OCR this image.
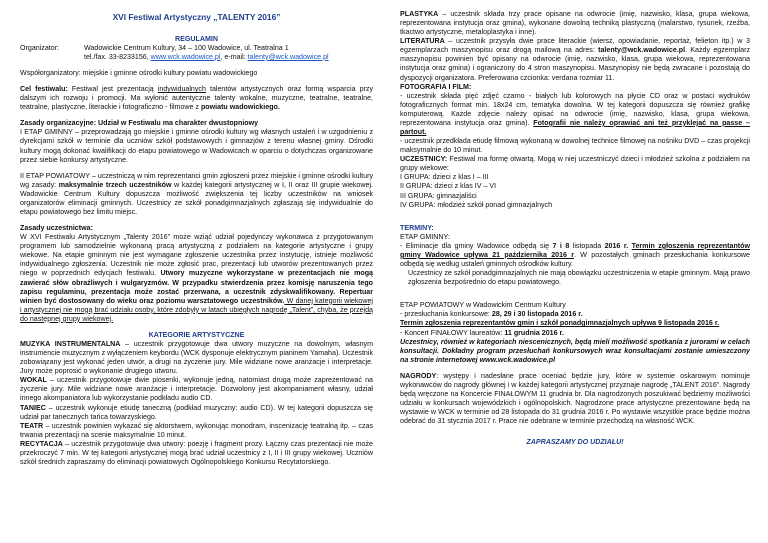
XVI Festiwal Artystyczny „TALENTY 2016”
REGULAMIN
Organizator:	Wadowickie Centrum Kultury, 34 – 100 Wadowice, ul. Teatralna 1
tel./fax. 33-8233156, www.wck.wadowice.pl, e-mail: talenty@wck.wadowice.pl

Współorganizatory: miejskie i gminne ośrodki kultury powiatu wadowickiego

Cel festiwalu: Festiwal jest prezentacją indywidualnych talentów artystycznych oraz formą wsparcia przy dalszym ich rozwoju i promocji. Ma wyłonić autentyczne talenty wokalne, muzyczne, teatralne, teatralne, teatralne, plastyczne, literackie i fotograficzno - filmowe z powiatu wadowickiego.

Zasady organizacyjne: Udział w Festiwalu ma charakter dwustopniowy

I ETAP GMINNY – przeprowadzają go miejskie i gminne ośrodki kultury wg własnych ustaleń i w uzgodnieniu z dyrekcjami szkół w terminie dla uczniów szkół podstawowych i gimnazjów z terenu własnej gminy. Ośrodki kultury mogą dokonać kwalifikacji do etapu powiatowego w Wadowicach w oparciu o dotychczas organizowane przez siebie konkursy artystyczne.

II ETAP POWIATOWY – uczestniczą w nim reprezentanci gmin zgłoszeni przez miejskie i gminne ośrodki kultury wg zasady: maksymalnie trzech uczestników w każdej kategorii artystycznej w I, II oraz III grupie wiekowej. Wadowickie Centrum Kultury dopuszcza możliwość zwiększenia tej liczby uczestników na wniosek organizatorów eliminacji gminnych. Uczestnicy ze szkół ponadgimnazjalnych zgłaszają się indywidualnie do etapu powiatowego bez limitu miejsc.

Zasady uczestnictwa:

W XVI Festiwalu Artystycznym „Talenty 2016” może wziąć udział pojedynczy wykonawca z przygotowanym programem lub samodzielnie wykonaną pracą artystyczną z podziałem na kategorie artystyczne i grupy wiekowe. Na etapie gminnym nie jest wymagane zgłoszenie uczestnika przez instytucję, istnieje możliwość indywidualnego zgłoszenia. Uczestnik nie może zgłosić prac, prezentacji lub utworów prezentowanych przez niego w poprzednich edycjach festiwalu. Utwory muzyczne wykorzystane w prezentacjach nie mogą zawierać słów obraźliwych i wulgaryzmów. W przypadku stwierdzenia przez komisję naruszenia tego zapisu regulaminu, prezentacja może zostać przerwana, a uczestnik zdyskwalifikowany. Repertuar winien być dostosowany do wieku oraz poziomu warsztatowego uczestników. W danej kategorii wiekowej i artystycznej nie mogą brać udziału osoby, które zdobyły w latach ubiegłych nagrodę „Talent”, chyba, że przejdą do następnej grupy wiekowej.

KATEGORIE ARTYSTYCZNE

MUZYKA INSTRUMENTALNA – uczestnik przygotowuje dwa utwory muzyczne na dowolnym, własnym instrumencie muzycznym z wyłączeniem keybordu (WCK dysponuje elektrycznym pianinem Yamaha). Uczestnik zobowiązany jest wykonać jeden utwór, a drugi na życzenie jury. Mile widziane nowe aranżacje i interpretacje. Jury może poprosić o wykonanie drugiego utworu.

WOKAL – uczestnik przygotowuje dwie piosenki, wykonuje jedną, natomiast drugą może zaprezentować na życzenie jury. Mile widziane nowe aranżacje i interpretacje. Dozwolony jest akompaniament własny, udział innego akompaniatora lub wykorzystanie podkładu audio CD.

TANIEC – uczestnik wykonuje etiudę taneczną (podkład muzyczny: audio CD). W tej kategorii dopuszcza się udział par tanecznych tańca towarzyskiego.

TEATR – uczestnik powinien wykazać się aktorstwem, wykonując monodram, inscenizację teatralną itp. – czas trwania prezentacji na scenie maksymalnie 10 minut.

RECYTACJA – uczestnik przygotowuje dwa utwory: poezję i fragment prozy. Łączny czas prezentacji nie może przekroczyć 7 min. W tej kategorii artystycznej mogą brać udział uczestnicy z I, II i III grupy wiekowej. Uczniów szkół średnich zapraszamy do eliminacji powiatowych Ogólnopolskiego Konkursu Recytatorskiego.

PLASTYKA – uczestnik składa trzy prace opisane na odwrocie (imię, nazwisko, klasa, grupa wiekowa, reprezentowana instytucja oraz gmina), wykonane dowolną techniką plastyczną (malarstwo, rysunek, rzeźba, tkactwo artystyczne, metaloplastyka i inne).

LITERATURA – uczestnik przysyła dwie prace literackie (wiersz, opowiadanie, reportaż, felieton itp.) w 3 egzemplarzach maszynopisu oraz drogą mailową na adres: talenty@wck.wadowice.pl. Każdy egzemplarz maszynopisu powinien być opisany na odwrocie (imię, nazwisko, klasa, grupa wiekowa, reprezentowana instytucja oraz gmina) i ograniczony do 4 stron maszynopisu. Maszynopisy nie będą zwracane i pozostają do dyspozycji organizatora. Preferowana czcionka: verdana rozmiar 11.

FOTOGRAFIA I FILM:

- uczestnik składa pięć zdjęć czarno - białych lub kolorowych na płycie CD oraz w postaci wydruków fotograficznych format min. 18x24 cm, tematyka dowolna. W tej kategorii dopuszcza się również grafikę komputerową. Każde zdjęcie należy opisać na odwrocie (imię, nazwisko, klasa, grupa wiekowa, reprezentowana instytucja oraz gmina). Fotografii nie należy oprawiać ani też przyklejać na passe – partout.

- uczestnik przedkłada etiudę filmową wykonaną w dowolnej technice filmowej na nośniku DVD – czas projekcji maksymalnie do 10 minut.

UCZESTNICY: Festiwal ma formę otwartą. Mogą w niej uczestniczyć dzieci i młodzież szkolna z podziałem na grupy wiekowe:

I GRUPA: dzieci z klas I – III
II GRUPA: dzieci z klas IV – VI
III GRUPA: gimnazjaliści
IV GRUPA: młodzież szkół ponad gimnazjalnych

TERMINY:

ETAP GMINNY:

- Eliminacje dla gminy Wadowice odbędą się 7 i 8 listopada 2016 r. Termin zgłoszenia reprezentantów gminy Wadowice upływa 21 października 2016 r. W pozostałych gminach przesłuchania konkursowe odbędą się według ustaleń gminnych ośrodków kultury.

Uczestnicy ze szkół ponadgimnazjalnych nie mają obowiązku uczestniczenia w etapie gminnym. Mają prawo zgłoszenia bezpośrednio do etapu powiatowego.

ETAP POWIATOWY w Wadowickim Centrum Kultury

- przesłuchania konkursowe: 28, 29 i 30 listopada 2016 r.

Termin zgłoszenia reprezentantów gmin i szkół ponadgimnazjalnych upływa 9 listopada 2016 r.

- Koncert FINAŁOWY laureatów: 11 grudnia 2016 r.

Uczestnicy, również w kategoriach niescenicznych, będą mieli możliwość spotkania z jurorami w celach konsultacji. Dokładny program przesłuchań konkursowych wraz konsultacjami zostanie umieszczony na stronie internetowej www.wck.wadowice.pl

NAGRODY: występy i nadesłane prace oceniać będzie jury, które w systemie oskarowym nominuje wykonawców do nagrody głównej i w każdej kategorii artystycznej przyznaje nagrodę „TALENT 2016”. Nagrody będą wręczone na Koncercie FINAŁOWYM 11 grudnia br. Dla nagrodzonych poszukiwać będziemy możliwości udziału w konkursach wojewódzkich i ogólnopolskich. Nagrodzone prace artystyczne prezentowane będą na wystawie w WCK w terminie od 28 listopada do 31 grudnia 2016 r. Po wystawie wszystkie prace będzie można odebrać do 31 stycznia 2017 r. Prace nie odebrane w terminie przechodzą na własność WCK.

ZAPRASZAMY DO UDZIAŁU!
